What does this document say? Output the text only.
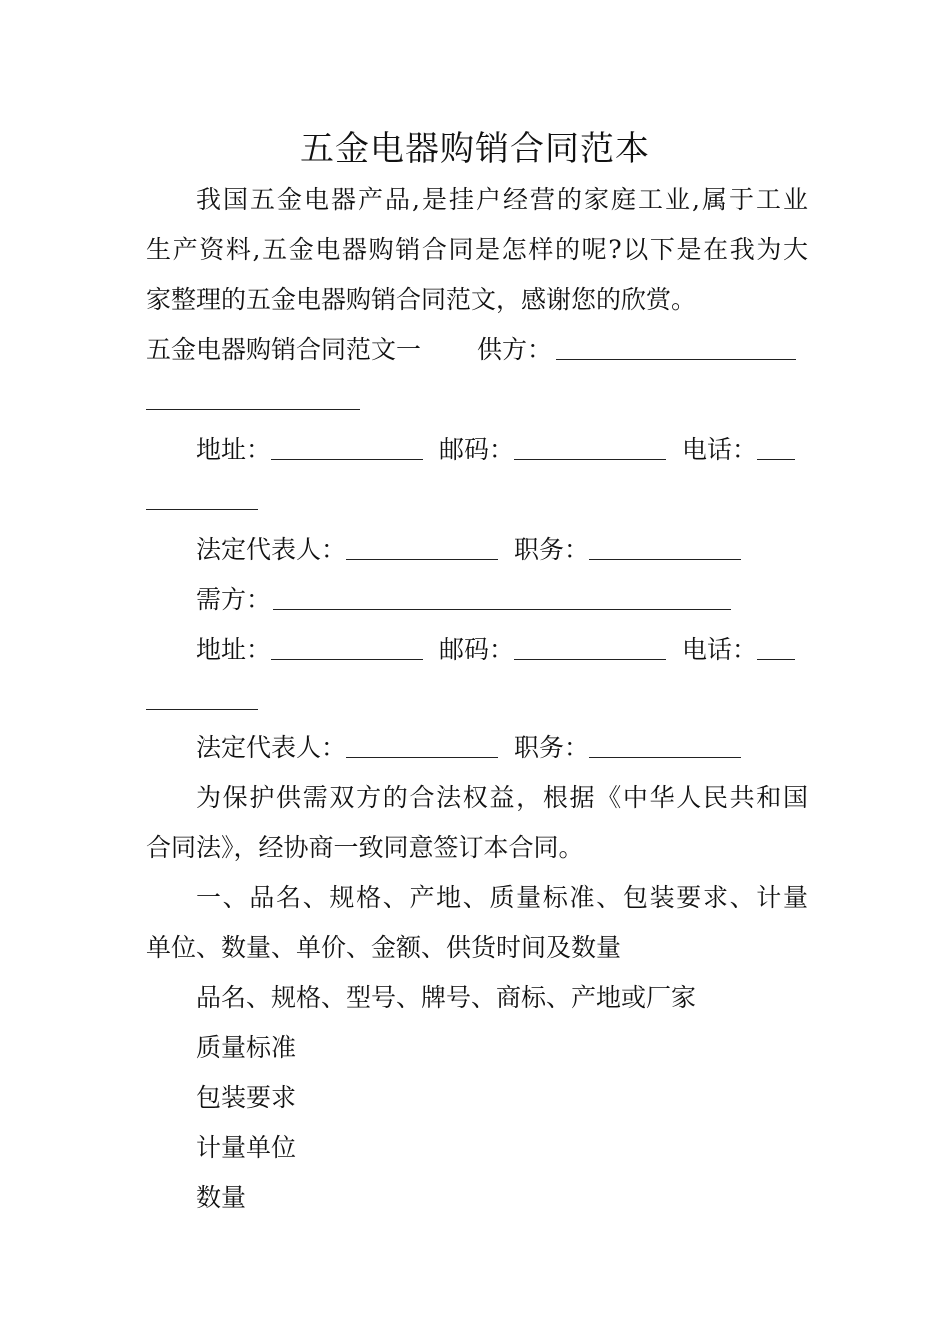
五金电器购销合同范本
我国五金电器产品,是挂户经营的家庭工业,属于工业
生产资料,五金电器购销合同是怎样的呢?以下是在我为大
家整理的五金电器购销合同范文，感谢您的欣赏。
五金电器购销合同范文一 供方：
地址：	邮码：	电话：
法定代表人：	职务：
需方：
地址：	邮码：	电话：
法定代表人：	职务：
为保护供需双方的合法权益，根据《中华人民共和国
合同法》，经协商一致同意签订本合同。
一、品名、规格、产地、质量标准、包装要求、计量
单位、数量、单价、金额、供货时间及数量
品名、规格、型号、牌号、商标、产地或厂家
质量标准
包装要求
计量单位
数量
